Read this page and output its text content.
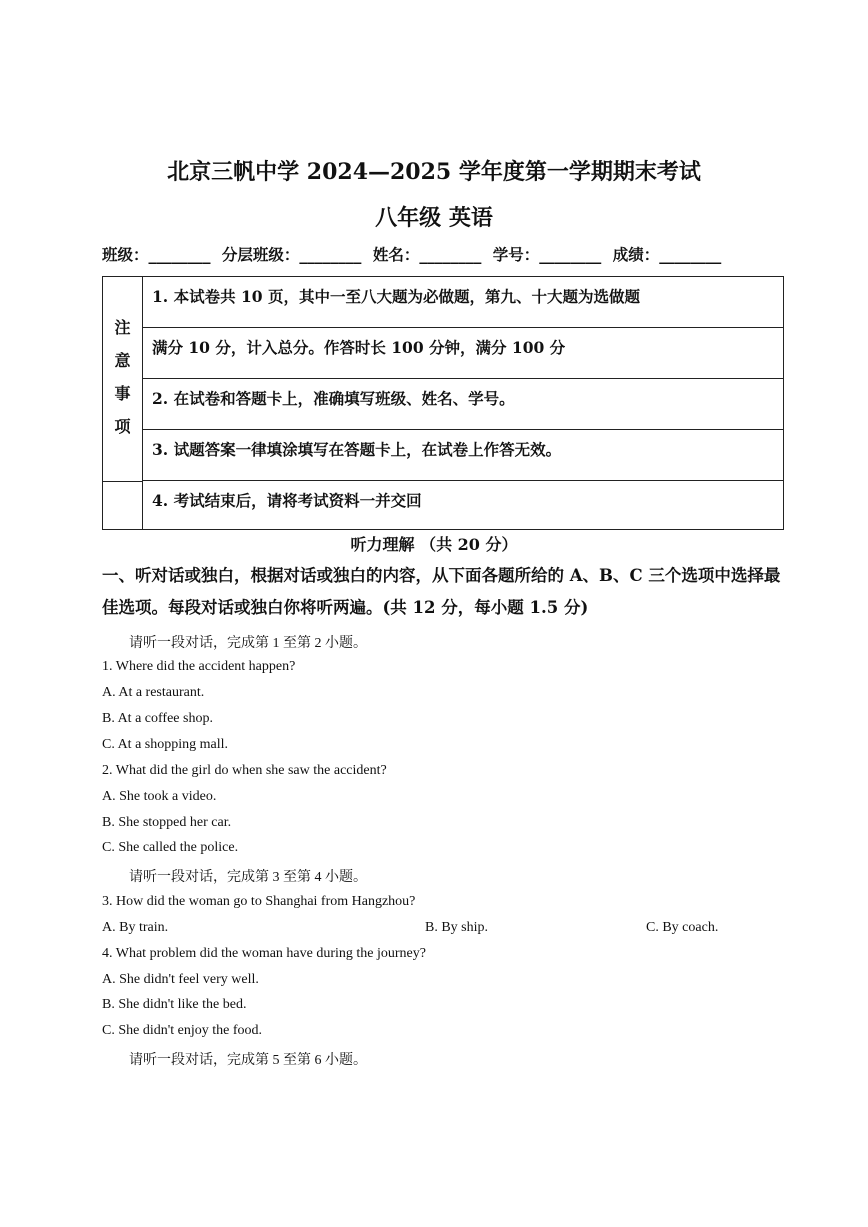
北京三帆中学 2024—2025 学年度第一学期期末考试
八年级 英语
班级：________ 分层班级：________ 姓名：________ 学号：________ 成绩：________
注
意
事
项
1. 本试卷共 10 页，其中一至八大题为必做题，第九、十大题为选做题
满分 10 分，计入总分。作答时长 100 分钟，满分 100 分
2. 在试卷和答题卡上，准确填写班级、姓名、学号。
3. 试题答案一律填涂填写在答题卡上，在试卷上作答无效。
4. 考试结束后，请将考试资料一并交回
听力理解 （共 20 分）
一、听对话或独白，根据对话或独白的内容，从下面各题所给的 A、B、C 三个选项中选择最佳选项。每段对话或独白你将听两遍。(共 12 分，每小题 1.5 分)
请听一段对话，完成第 1 至第 2 小题。
1. Where did the accident happen?
A. At a restaurant.
B. At a coffee shop.
C. At a shopping mall.
2. What did the girl do when she saw the accident?
A. She took a video.
B. She stopped her car.
C. She called the police.
请听一段对话，完成第 3 至第 4 小题。
3. How did the woman go to Shanghai from Hangzhou?
A. By train.	B. By ship.	C. By coach.
4. What problem did the woman have during the journey?
A. She didn't feel very well.
B. She didn't like the bed.
C. She didn't enjoy the food.
请听一段对话，完成第 5 至第 6 小题。
